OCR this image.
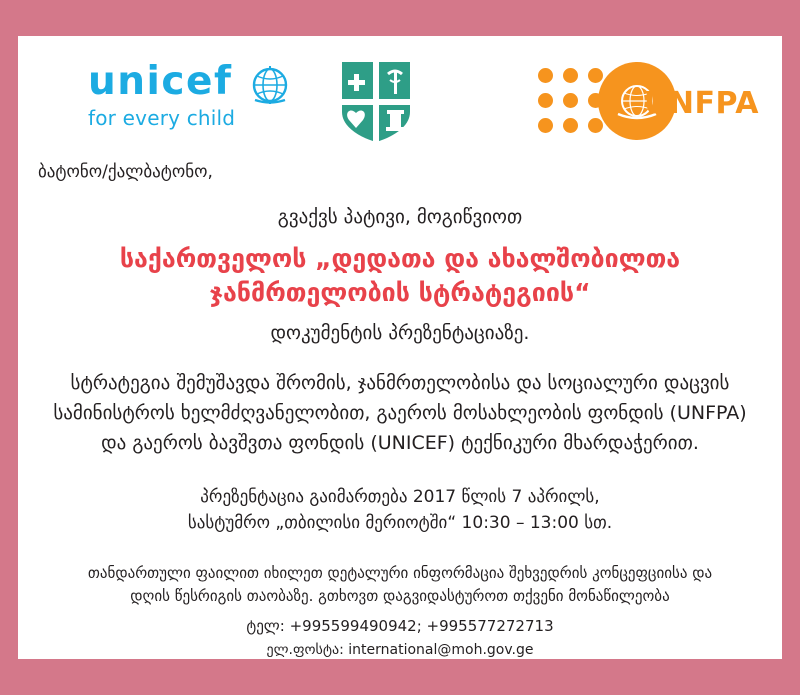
unicef
for every child	UNFPA
ბატონო/ქალბატონო,
გვაქვს პატივი, მოგიწვიოთ
საქართველოს „დედათა და ახალშობილთა
ჯანმრთელობის სტრატეგიის“
დოკუმენტის პრეზენტაციაზე.
სტრატეგია შემუშავდა შრომის, ჯანმრთელობისა და სოციალური დაცვის სამინისტროს ხელმძღვანელობით, გაეროს მოსახლეობის ფონდის (UNFPA) და გაეროს ბავშვთა ფონდის (UNICEF) ტექნიკური მხარდაჭერით.
პრეზენტაცია გაიმართება 2017 წლის 7 აპრილს,
სასტუმრო „თბილისი მერიოტში“ 10:30 – 13:00 სთ.
თანდართული ფაილით იხილეთ დეტალური ინფორმაცია შეხვედრის კონცეფციისა და
დღის წესრიგის თაობაზე. გთხოვთ დაგვიდასტუროთ თქვენი მონაწილეობა
ტელ: +995599490942; +995577272713
ელ.ფოსტა: international@moh.gov.ge
